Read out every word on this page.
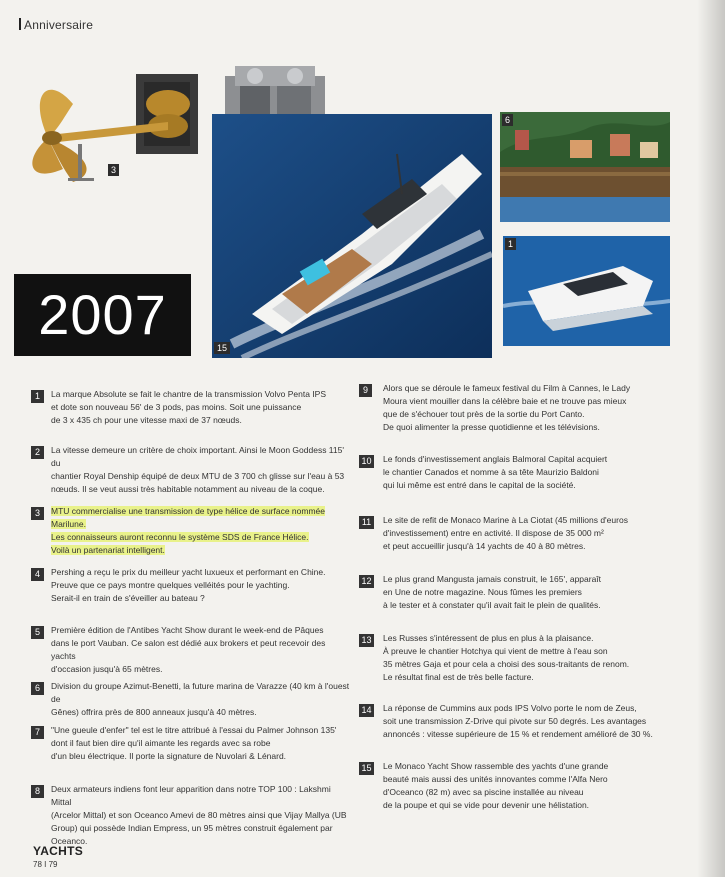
Anniversaire
3
15
6
1
2007
1	La marque Absolute se fait le chantre de la transmission Volvo Penta IPS
et dote son nouveau 56' de 3 pods, pas moins. Soit une puissance
de 3 x 435 ch pour une vitesse maxi de 37 nœuds.
2	La vitesse demeure un critère de choix important. Ainsi le Moon Goddess 115' du
chantier Royal Denship équipé de deux MTU de 3 700 ch glisse sur l'eau à 53
nœuds. Il se veut aussi très habitable notamment au niveau de la coque.
3	MTU commercialise une transmission de type hélice de surface nommée Marilune.
Les connaisseurs auront reconnu le système SDS de France Hélice.
Voilà un partenariat intelligent.
4	Pershing a reçu le prix du meilleur yacht luxueux et performant en Chine.
Preuve que ce pays montre quelques velléités pour le yachting.
Serait-il en train de s'éveiller au bateau ?
5	Première édition de l'Antibes Yacht Show durant le week-end de Pâques
dans le port Vauban. Ce salon est dédié aux brokers et peut recevoir des yachts
d'occasion jusqu'à 65 mètres.
6	Division du groupe Azimut-Benetti, la future marina de Varazze (40 km à l'ouest de
Gênes) offrira près de 800 anneaux jusqu'à 40 mètres.
7	"Une gueule d'enfer" tel est le titre attribué à l'essai du Palmer Johnson 135'
dont il faut bien dire qu'il aimante les regards avec sa robe
d'un bleu électrique. Il porte la signature de Nuvolari & Lénard.
8	Deux armateurs indiens font leur apparition dans notre TOP 100 : Lakshmi Mittal
(Arcelor Mittal) et son Oceanco Amevi de 80 mètres ainsi que Vijay Mallya (UB
Group) qui possède Indian Empress, un 95 mètres construit également par Oceanco.
9	Alors que se déroule le fameux festival du Film à Cannes, le Lady
Moura vient mouiller dans la célèbre baie et ne trouve pas mieux
que de s'échouer tout près de la sortie du Port Canto.
De quoi alimenter la presse quotidienne et les télévisions.
10 Le fonds d'investissement anglais Balmoral Capital acquiert
le chantier Canados et nomme à sa tête Maurizio Baldoni
qui lui même est entré dans le capital de la société.
11	Le site de refit de Monaco Marine à La Ciotat (45 millions d'euros
d'investissement) entre en activité. Il dispose de 35 000 m²
et peut accueillir jusqu'à 14 yachts de 40 à 80 mètres.
12 Le plus grand Mangusta jamais construit, le 165', apparaît
en Une de notre magazine. Nous fûmes les premiers
à le tester et à constater qu'il avait fait le plein de qualités.
13 Les Russes s'intéressent de plus en plus à la plaisance.
À preuve le chantier Hotchya qui vient de mettre à l'eau son
35 mètres Gaja et pour cela a choisi des sous-traitants de renom.
Le résultat final est de très belle facture.
14 La réponse de Cummins aux pods IPS Volvo porte le nom de Zeus,
soit une transmission Z-Drive qui pivote sur 50 degrés. Les avantages
annoncés : vitesse supérieure de 15 % et rendement amélioré de 30 %.
15 Le Monaco Yacht Show rassemble des yachts d'une grande
beauté mais aussi des unités innovantes comme l'Alfa Nero
d'Oceanco (82 m) avec sa piscine installée au niveau
de la poupe et qui se vide pour devenir une hélistation.
YACHTS
78 I 79
